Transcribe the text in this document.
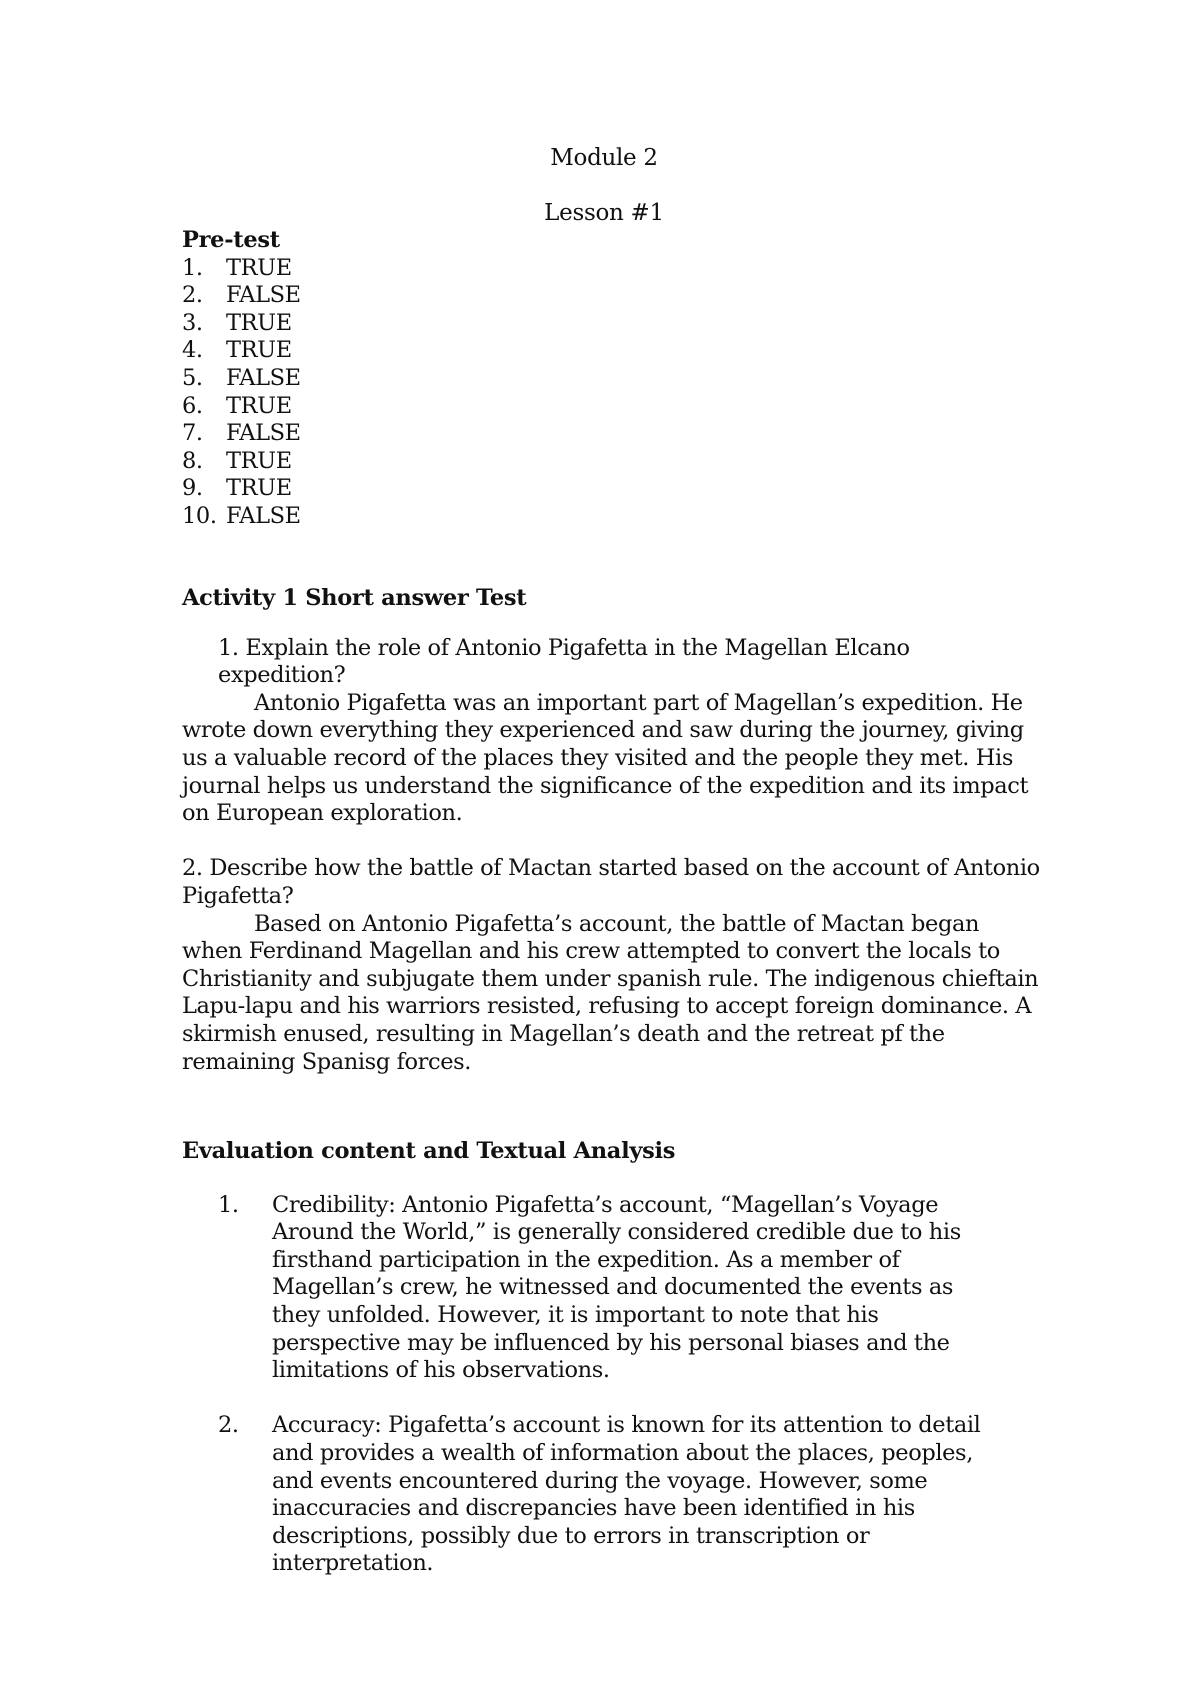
Module 2
Lesson #1
Pre-test
1.	TRUE
2.	FALSE
3.	TRUE
4.	TRUE
5.	FALSE
6.	TRUE
7.	FALSE
8.	TRUE
9.	TRUE
10. FALSE
Activity 1 Short answer Test
1. Explain the role of Antonio Pigafetta in the Magellan Elcano expedition?

Antonio Pigafetta was an important part of Magellan’s expedition. He wrote down everything they experienced and saw during the journey, giving us a valuable record of the places they visited and the people they met. His journal helps us understand the significance of the expedition and its impact on European exploration.

2. Describe how the battle of Mactan started based on the account of Antonio Pigafetta?

Based on Antonio Pigafetta’s account, the battle of Mactan began when Ferdinand Magellan and his crew attempted to convert the locals to Christianity and subjugate them under spanish rule. The indigenous chieftain Lapu-lapu and his warriors resisted, refusing to accept foreign dominance. A skirmish enused, resulting in Magellan’s death and the retreat pf the remaining Spanisg forces.

Evaluation content and Textual Analysis
1.	Credibility: Antonio Pigafetta’s account, “Magellan’s Voyage Around the World,” is generally considered credible due to his firsthand participation in the expedition. As a member of Magellan’s crew, he witnessed and documented the events as they unfolded. However, it is important to note that his perspective may be influenced by his personal biases and the limitations of his observations.
2.	Accuracy: Pigafetta’s account is known for its attention to detail and provides a wealth of information about the places, peoples, and events encountered during the voyage. However, some inaccuracies and discrepancies have been identified in his descriptions, possibly due to errors in transcription or interpretation.
